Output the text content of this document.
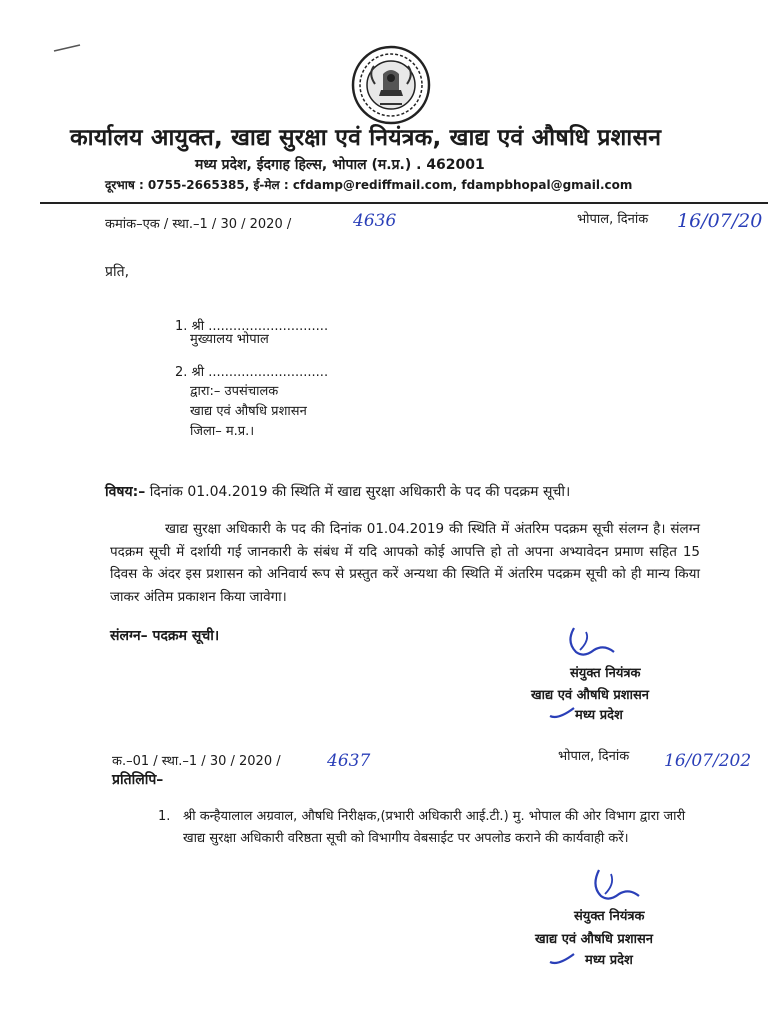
कार्यालय आयुक्त, खाद्य सुरक्षा एवं नियंत्रक, खाद्य एवं औषधि प्रशासन
मध्य प्रदेश, ईदगाह हिल्स, भोपाल (म.प्र.) . 462001
दूरभाष : 0755-2665385, ई-मेल : cfdamp@rediffmail.com, fdampbhopal@gmail.com
कमांक–एक / स्था.–1 / 30 / 2020 /	4636	भोपाल, दिनांक 16/07/20
प्रति,
1. श्री .............................
मुख्यालय भोपाल
2. श्री .............................
द्वारा:– उपसंचालक
खाद्य एवं औषधि प्रशासन
जिला– म.प्र.।
विषय:– दिनांक 01.04.2019 की स्थिति में खाद्य सुरक्षा अधिकारी के पद की पदक्रम सूची।
खाद्य सुरक्षा अधिकारी के पद की दिनांक 01.04.2019 की स्थिति में अंतरिम पदक्रम सूची संलग्न है। संलग्न पदक्रम सूची में दर्शायी गई जानकारी के संबंध में यदि आपको कोई आपत्ति हो तो अपना अभ्यावेदन प्रमाण सहित 15 दिवस के अंदर इस प्रशासन को अनिवार्य रूप से प्रस्तुत करें अन्यथा की स्थिति में अंतरिम पदक्रम सूची को ही मान्य किया जाकर अंतिम प्रकाशन किया जावेगा।
संलग्न– पदक्रम सूची।
संयुक्त नियंत्रक
खाद्य एवं औषधि प्रशासन
मध्य प्रदेश
क.–01 / स्था.–1 / 30 / 2020 /	4637	भोपाल, दिनांक 16/07/202
प्रतिलिपि–
1. श्री कन्हैयालाल अग्रवाल, औषधि निरीक्षक,(प्रभारी अधिकारी आई.टी.) मु. भोपाल की ओर विभाग द्वारा जारी खाद्य सुरक्षा अधिकारी वरिष्ठता सूची को विभागीय वेबसाईट पर अपलोड कराने की कार्यवाही करें।
संयुक्त नियंत्रक
खाद्य एवं औषधि प्रशासन
मध्य प्रदेश
